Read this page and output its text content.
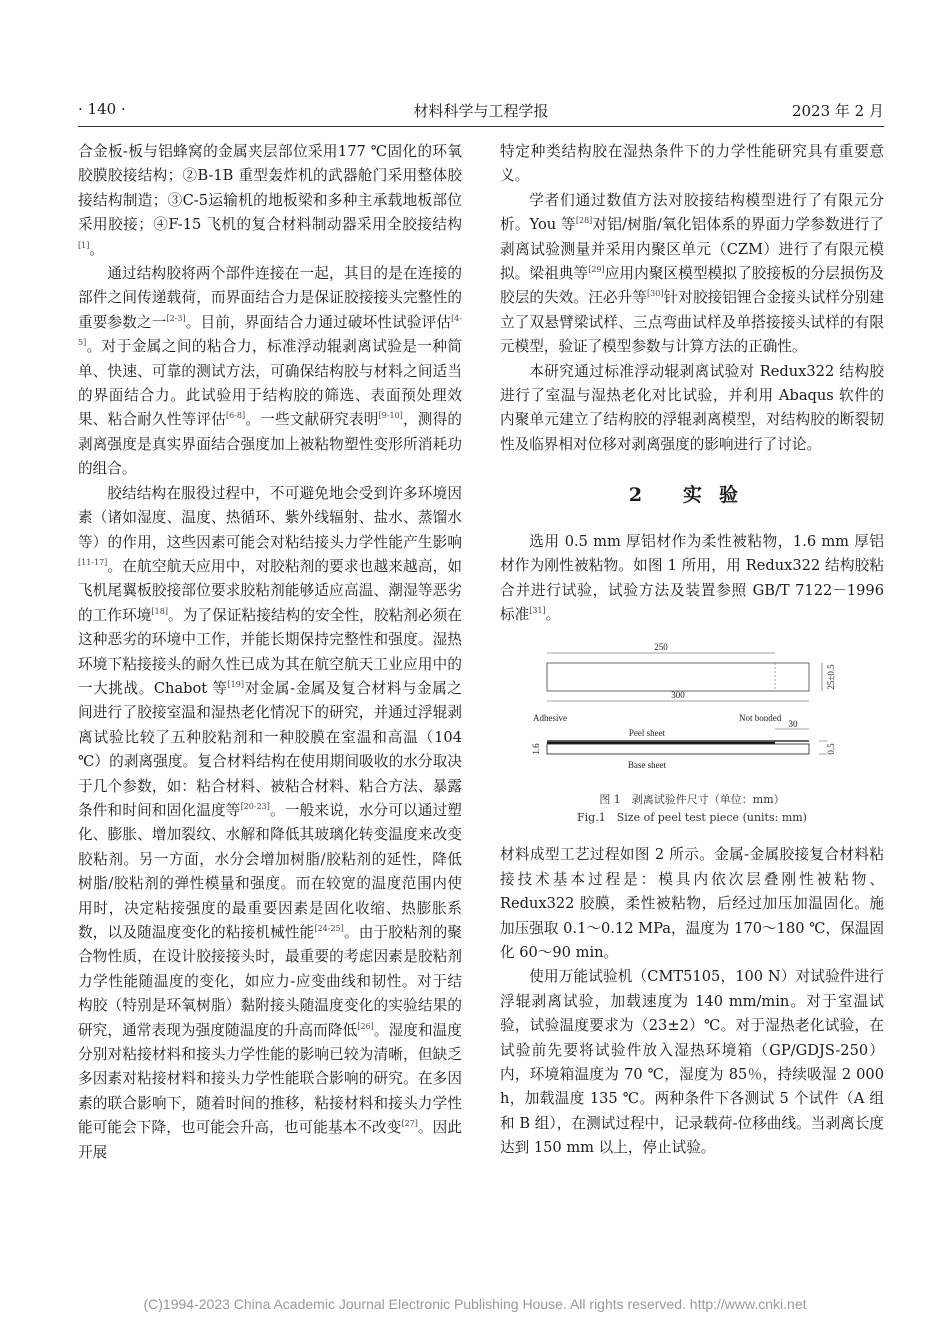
· 140 ·	材料科学与工程学报	2023 年 2 月

合金板-板与铝蜂窝的金属夹层部位采用177 ℃固化的环氧胶膜胶接结构；②B-1B 重型轰炸机的武器舱门采用整体胶接结构制造；③C-5运输机的地板梁和多种主承载地板部位采用胶接；④F-15 飞机的复合材料制动器采用全胶接结构[1]。

通过结构胶将两个部件连接在一起，其目的是在连接的部件之间传递载荷，而界面结合力是保证胶接接头完整性的重要参数之一[2-3]。目前，界面结合力通过破坏性试验评估[4-5]。对于金属之间的粘合力，标准浮动辊剥离试验是一种简单、快速、可靠的测试方法，可确保结构胶与材料之间适当的界面结合力。此试验用于结构胶的筛选、表面预处理效果、粘合耐久性等评估[6-8]。一些文献研究表明[9-10]，测得的剥离强度是真实界面结合强度加上被粘物塑性变形所消耗功的组合。

胶结结构在服役过程中，不可避免地会受到许多环境因素（诸如湿度、温度、热循环、紫外线辐射、盐水、蒸馏水等）的作用，这些因素可能会对粘结接头力学性能产生影响[11-17]。在航空航天应用中，对胶粘剂的要求也越来越高，如飞机尾翼板胶接部位要求胶粘剂能够适应高温、潮湿等恶劣的工作环境[18]。为了保证粘接结构的安全性，胶粘剂必须在这种恶劣的环境中工作，并能长期保持完整性和强度。湿热环境下粘接接头的耐久性已成为其在航空航天工业应用中的一大挑战。Chabot 等[19]对金属-金属及复合材料与金属之间进行了胶接室温和湿热老化情况下的研究，并通过浮辊剥离试验比较了五种胶粘剂和一种胶膜在室温和高温（104 ℃）的剥离强度。复合材料结构在使用期间吸收的水分取决于几个参数，如：粘合材料、被粘合材料、粘合方法、暴露条件和时间和固化温度等[20-23]。一般来说，水分可以通过塑化、膨胀、增加裂纹、水解和降低其玻璃化转变温度来改变胶粘剂。另一方面，水分会增加树脂/胶粘剂的延性，降低树脂/胶粘剂的弹性模量和强度。而在较宽的温度范围内使用时，决定粘接强度的最重要因素是固化收缩、热膨胀系数，以及随温度变化的粘接机械性能[24-25]。由于胶粘剂的聚合物性质，在设计胶接接头时，最重要的考虑因素是胶粘剂力学性能随温度的变化，如应力-应变曲线和韧性。对于结构胶（特别是环氧树脂）黏附接头随温度变化的实验结果的研究，通常表现为强度随温度的升高而降低[26]。湿度和温度分别对粘接材料和接头力学性能的影响已较为清晰，但缺乏多因素对粘接材料和接头力学性能联合影响的研究。在多因素的联合影响下，随着时间的推移，粘接材料和接头力学性能可能会下降，也可能会升高，也可能基本不改变[27]。因此开展

特定种类结构胶在湿热条件下的力学性能研究具有重要意义。

学者们通过数值方法对胶接结构模型进行了有限元分析。You 等[28]对铝/树脂/氧化铝体系的界面力学参数进行了剥离试验测量并采用内聚区单元（CZM）进行了有限元模拟。梁祖典等[29]应用内聚区模型模拟了胶接板的分层损伤及胶层的失效。汪必升等[30]针对胶接铝锂合金接头试样分别建立了双悬臂梁试样、三点弯曲试样及单搭接接头试样的有限元模型，验证了模型参数与计算方法的正确性。

本研究通过标准浮动辊剥离试验对 Redux322 结构胶进行了室温与湿热老化对比试验，并利用 Abaqus 软件的内聚单元建立了结构胶的浮辊剥离模型，对结构胶的断裂韧性及临界相对位移对剥离强度的影响进行了讨论。

2 实验

选用 0.5 mm 厚铝材作为柔性被粘物，1.6 mm 厚铝材作为刚性被粘物。如图 1 所用，用 Redux322 结构胶粘合并进行试验，试验方法及装置参照 GB/T 7122－1996 标准[31]。

250
25±0.5
300
Adhesive	Not bonded
30
Peel sheet
1.6
Base sheet
0.5
图 1　剥离试验件尺寸（单位：mm）
Fig.1　Size of peel test piece (units: mm)

材料成型工艺过程如图 2 所示。金属-金属胶接复合材料粘接技术基本过程是：模具内依次层叠刚性被粘物、Redux322 胶膜，柔性被粘物，后经过加压加温固化。施加压强取 0.1～0.12 MPa，温度为 170～180 ℃，保温固化 60～90 min。

使用万能试验机（CMT5105，100 N）对试验件进行浮辊剥离试验，加载速度为 140 mm/min。对于室温试验，试验温度要求为（23±2）℃。对于湿热老化试验，在试验前先要将试验件放入湿热环境箱（GP/GDJS-250）内，环境箱温度为 70 ℃，湿度为 85％，持续吸湿 2 000 h，加载温度 135 ℃。两种条件下各测试 5 个试件（A 组和 B 组），在测试过程中，记录载荷-位移曲线。当剥离长度达到 150 mm 以上，停止试验。

(C)1994-2023 China Academic Journal Electronic Publishing House. All rights reserved. http://www.cnki.net
